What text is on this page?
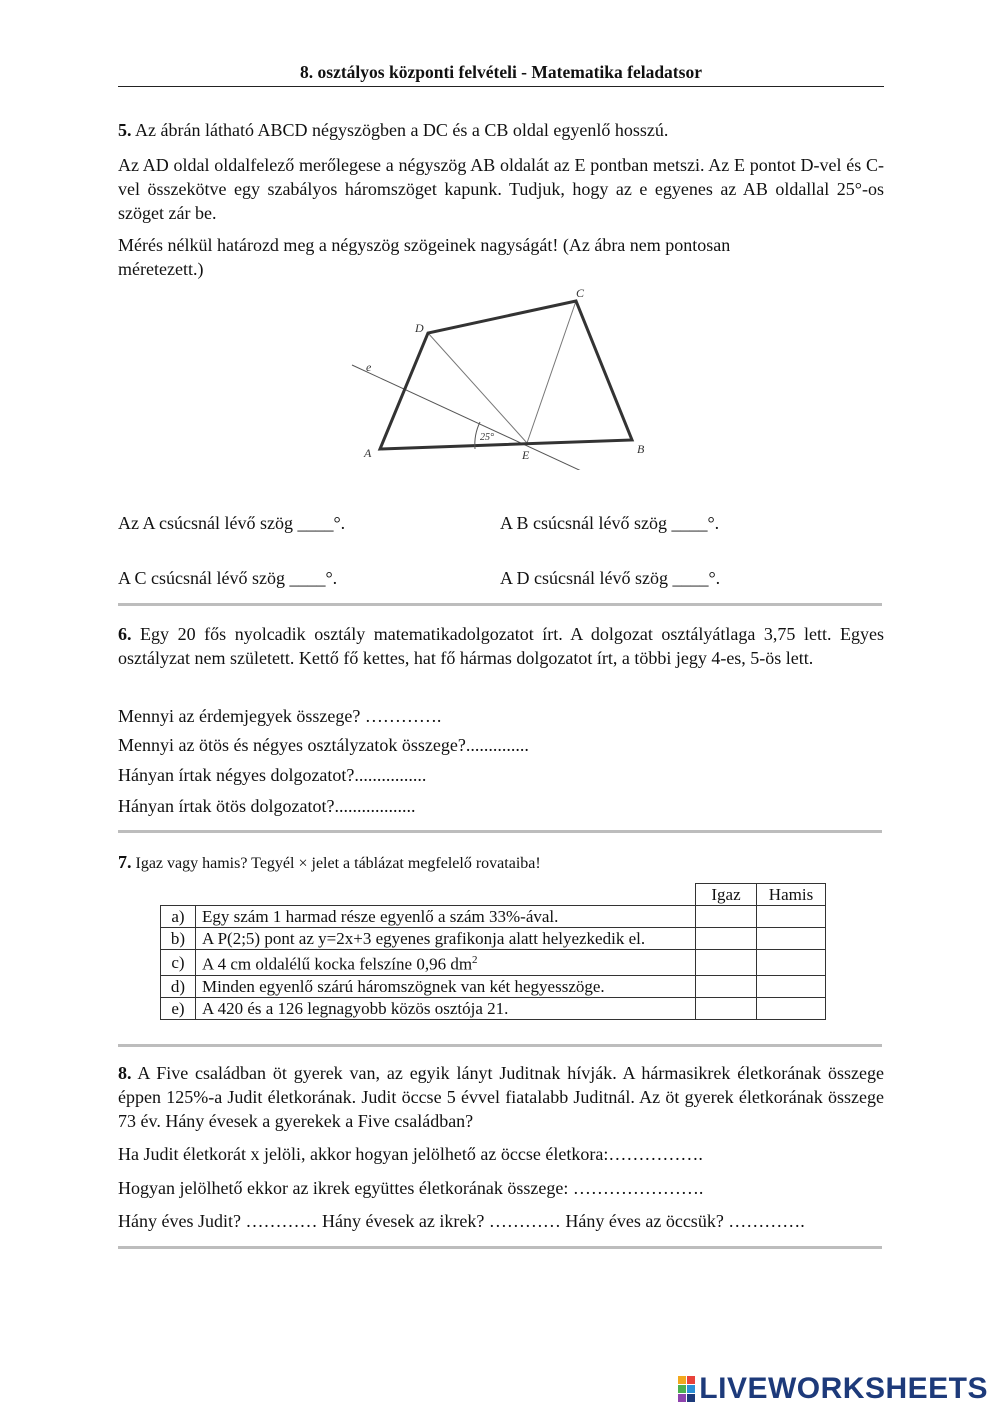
8. osztályos központi felvételi - Matematika feladatsor
5. Az ábrán látható ABCD négyszögben a DC és a CB oldal egyenlő hosszú.
Az AD oldal oldalfelező merőlegese a négyszög AB oldalát az E pontban metszi. Az E pontot D-vel és C-vel összekötve egy szabályos háromszöget kapunk. Tudjuk, hogy az e egyenes az AB oldallal 25°-os szöget zár be.
Mérés nélkül határozd meg a négyszög szögeinek nagyságát! (Az ábra nem pontosan méretezett.)
25°
A	B
C
D
E
e
Az A csúcsnál lévő szög ____°.	A B csúcsnál lévő szög ____°.
A C csúcsnál lévő szög ____°.	A D csúcsnál lévő szög ____°.
6. Egy 20 fős nyolcadik osztály matematikadolgozatot írt. A dolgozat osztályátlaga 3,75 lett. Egyes osztályzat nem született. Kettő fő kettes, hat fő hármas dolgozatot írt, a többi jegy 4-es, 5-ös lett.
Mennyi az érdemjegyek összege? ………….
Mennyi az ötös és négyes osztályzatok összege?..............
Hányan írtak négyes dolgozatot?................
Hányan írtak ötös dolgozatot?..................
7. Igaz vagy hamis? Tegyél × jelet a táblázat megfelelő rovataiba!
		Igaz	Hamis
a)	Egy szám 1 harmad része egyenlő a szám 33%-ával.		
b)	A P(2;5) pont az y=2x+3 egyenes grafikonja alatt helyezkedik el.		
c)	A 4 cm oldalélű kocka felszíne 0,96 $dm^2$		
d)	Minden egyenlő szárú háromszögnek van két hegyesszöge.		
e)	A 420 és a 126 legnagyobb közös osztója 21.		
8. A Five családban öt gyerek van, az egyik lányt Juditnak hívják. A hármasikrek életkorának összege éppen 125%-a Judit életkorának. Judit öccse 5 évvel fiatalabb Juditnál. Az öt gyerek életkorának összege 73 év. Hány évesek a gyerekek a Five családban?
Ha Judit életkorát x jelöli, akkor hogyan jelölhető az öccse életkora:…………….
Hogyan jelölhető ekkor az ikrek együttes életkorának összege: ………………….
Hány éves Judit? ………… Hány évesek az ikrek? ………… Hány éves az öccsük? ………….
LIVEWORKSHEETS
